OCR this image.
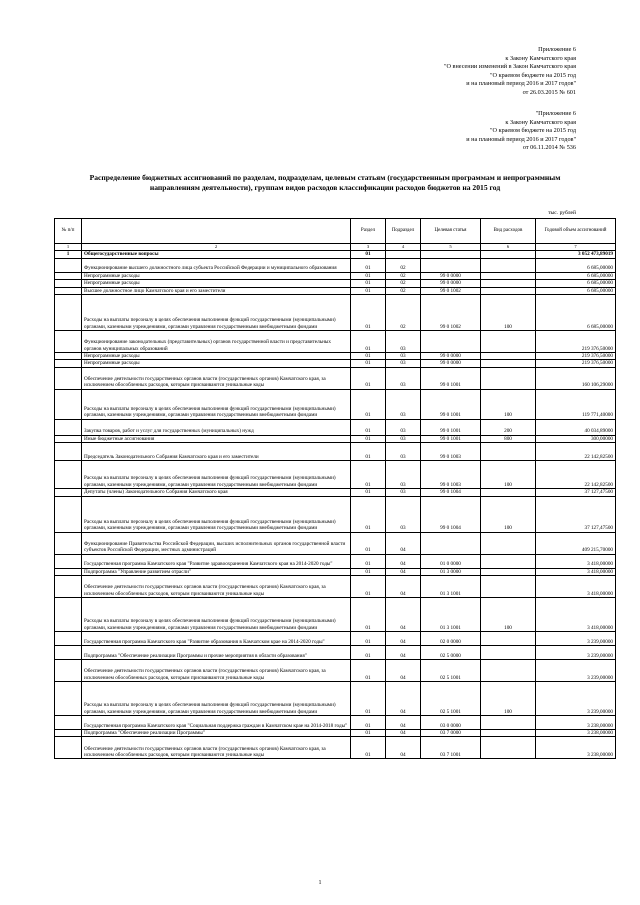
Приложение 6
к Закону Камчатского края
"О внесении изменений в Закон Камчатского края
"О краевом бюджете на 2015 год
и на плановый период 2016 и 2017 годов"
от 26.03.2015 № 601
"Приложение 6
к Закону Камчатского края
"О краевом бюджете на 2015 год
и на плановый период 2016 и 2017 годов"
от 06.11.2014 № 536
Распределение бюджетных ассигнований по разделам, подразделам, целевым статьям (государственным программам и непрограммным направлениям деятельности), группам видов расходов классификации расходов бюджетов на 2015 год
тыс. рублей
№ п/п		Раздел	Подраздел	Целевая статья	Вид расходов	Годовой объем ассигнований
1	2	3	4	5	6	7
1	Общегосударственные вопросы	01				3 052 473,89019
	Функционирование высшего должностного лица субъекта Российской Федерации и муниципального образования	01	02			6 685,00000
	Непрограммные расходы	01	02	99 0 0000		6 685,00000
	Непрограммные расходы	01	02	99 0 0000		6 685,00000
	Высшее должностное лицо Камчатского края и его заместители	01	02	99 0 1002		6 685,00000
	Расходы на выплаты персоналу в целях обеспечения выполнения функций государственными (муниципальными) органами, казенными учреждениями, органами управления государственными внебюджетными фондами	01	02	99 0 1002	100	6 685,00000
	Функционирование законодательных (представительных) органов государственной власти и представительных органов муниципальных образований	01	03			219 376,50000
	Непрограммные расходы	01	03	99 0 0000		219 376,50000
	Непрограммные расходы	01	03	99 0 0000		219 376,50000
	Обеспечение деятельности государственных органов власти (государственных органов) Камчатского края, за исключением обособленных расходов, которым присваиваются уникальные коды	01	03	99 0 1001		160 106,29000
	Расходы на выплаты персоналу в целях обеспечения выполнения функций государственными (муниципальными) органами, казенными учреждениями, органами управления государственными внебюджетными фондами	01	03	99 0 1001	100	119 771,40000
	Закупка товаров, работ и услуг для государственных (муниципальных) нужд	01	03	99 0 1001	200	40 034,89000
	Иные бюджетные ассигнования	01	03	99 0 1001	800	300,00000
	Председатель Законодательного Собрания Камчатского края и его заместители	01	03	99 0 1003		22 142,82500
	Расходы на выплаты персоналу в целях обеспечения выполнения функций государственными (муниципальными) органами, казенными учреждениями, органами управления государственными внебюджетными фондами	01	03	99 0 1003	100	22 142,82500
	Депутаты (члены) Законодательного Собрания Камчатского края	01	03	99 0 1004		37 127,47500
	Расходы на выплаты персоналу в целях обеспечения выполнения функций государственными (муниципальными) органами, казенными учреждениями, органами управления государственными внебюджетными фондами	01	03	99 0 1004	100	37 127,47500
	Функционирование Правительства Российской Федерации, высших исполнительных органов государственной власти субъектов Российской Федерации, местных администраций	01	04			409 215,70000
	Государственная программа Камчатского края "Развитие здравоохранения Камчатского края на 2014-2020 годы"	01	04	01 0 0000		3 418,00000
	Подпрограмма "Управление развитием отрасли"	01	04	01 3 0000		3 418,00000
	Обеспечение деятельности государственных органов власти (государственных органов) Камчатского края, за исключением обособленных расходов, которым присваиваются уникальные коды	01	04	01 3 1001		3 418,00000
	Расходы на выплаты персоналу в целях обеспечения выполнения функций государственными (муниципальными) органами, казенными учреждениями, органами управления государственными внебюджетными фондами	01	04	01 3 1001	100	3 418,00000
	Государственная программа Камчатского края "Развитие образования в Камчатском крае на 2014-2020 годы"	01	04	02 0 0000		3 239,00000
	Подпрограмма "Обеспечение реализации Программы и прочие мероприятия в области образования"	01	04	02 5 0000		3 239,00000
	Обеспечение деятельности государственных органов власти (государственных органов) Камчатского края, за исключением обособленных расходов, которым присваиваются уникальные коды	01	04	02 5 1001		3 239,00000
	Расходы на выплаты персоналу в целях обеспечения выполнения функций государственными (муниципальными) органами, казенными учреждениями, органами управления государственными внебюджетными фондами	01	04	02 5 1001	100	3 239,00000
	Государственная программа Камчатского края "Социальная поддержка граждан в Камчатском крае на 2014-2018 годы"	01	04	03 0 0000		3 238,00000
	Подпрограмма "Обеспечение реализации Программы"	01	04	03 7 0000		3 238,00000
	Обеспечение деятельности государственных органов власти (государственных органов) Камчатского края, за исключением обособленных расходов, которым присваиваются уникальные коды	01	04	03 7 1001		3 238,00000
1
